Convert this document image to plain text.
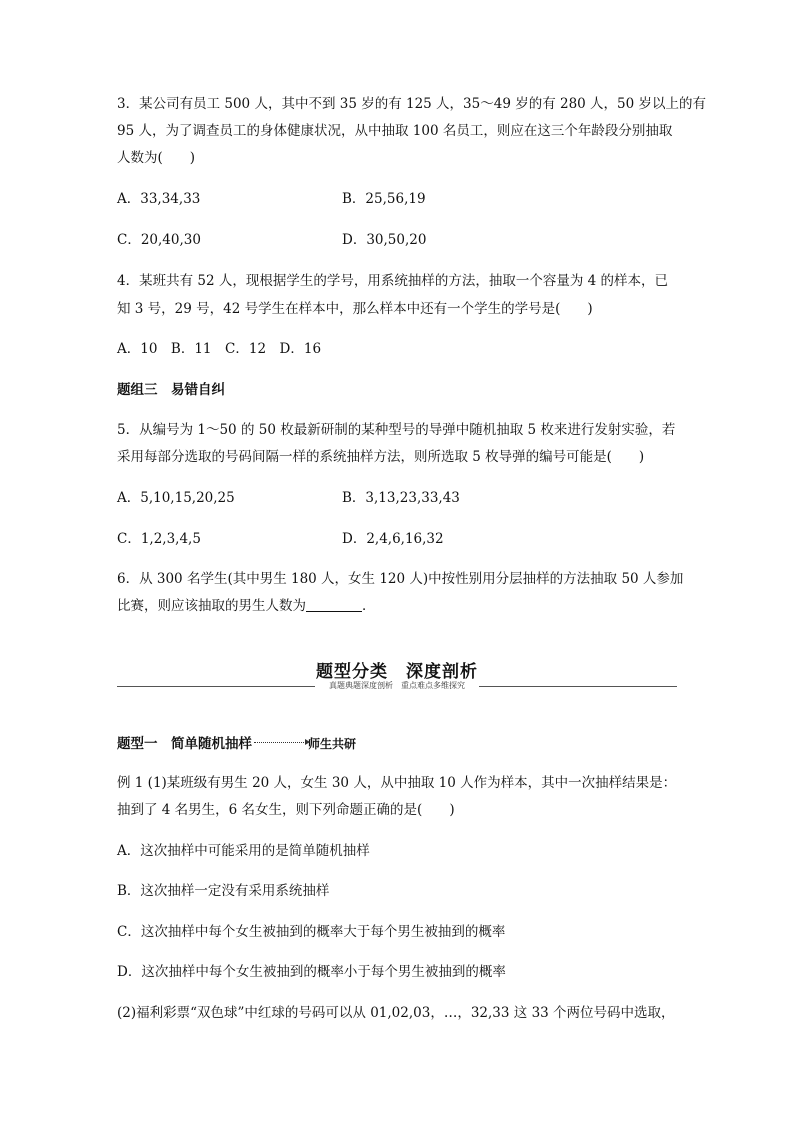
3．某公司有员工 500 人，其中不到 35 岁的有 125 人，35～49 岁的有 280 人，50 岁以上的有
95 人，为了调查员工的身体健康状况，从中抽取 100 名员工，则应在这三个年龄段分别抽取
人数为(　　)
A．33,34,33	B．25,56,19
C．20,40,30	D．30,50,20
4．某班共有 52 人，现根据学生的学号，用系统抽样的方法，抽取一个容量为 4 的样本，已
知 3 号，29 号，42 号学生在样本中，那么样本中还有一个学生的学号是(　　)
A．10　B．11　C．12　D．16
题组三　易错自纠
5．从编号为 1～50 的 50 枚最新研制的某种型号的导弹中随机抽取 5 枚来进行发射实验，若
采用每部分选取的号码间隔一样的系统抽样方法，则所选取 5 枚导弹的编号可能是(　　)
A．5,10,15,20,25	B．3,13,23,33,43
C．1,2,3,4,5	D．2,4,6,16,32
6．从 300 名学生(其中男生 180 人，女生 120 人)中按性别用分层抽样的方法抽取 50 人参加
比赛，则应该抽取的男生人数为	．
题型分类　深度剖析
真题典题深度剖析　重点难点多维探究
题型一　简单随机抽样	师生共研
例 1 (1)某班级有男生 20 人，女生 30 人，从中抽取 10 人作为样本，其中一次抽样结果是：
抽到了 4 名男生，6 名女生，则下列命题正确的是(　　)
A．这次抽样中可能采用的是简单随机抽样
B．这次抽样一定没有采用系统抽样
C．这次抽样中每个女生被抽到的概率大于每个男生被抽到的概率
D．这次抽样中每个女生被抽到的概率小于每个男生被抽到的概率
(2)福利彩票“双色球”中红球的号码可以从 01,02,03，…，32,33 这 33 个两位号码中选取，
